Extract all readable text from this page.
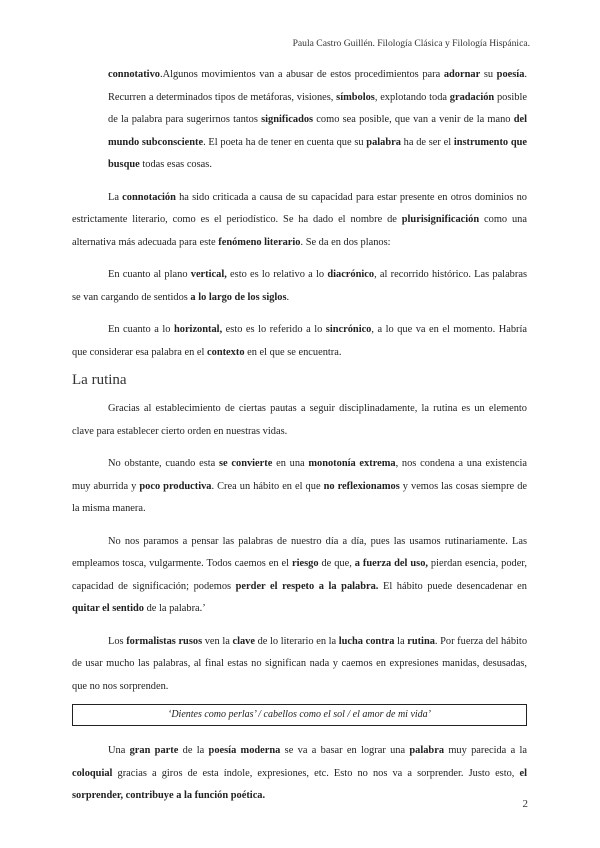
Paula Castro Guillén. Filología Clásica y Filología Hispánica.

connotativo.Algunos movimientos van a abusar de estos procedimientos para adornar su poesía. Recurren a determinados tipos de metáforas, visiones, símbolos, explotando toda gradación posible de la palabra para sugerirnos tantos significados como sea posible, que van a venir de la mano del mundo subconsciente. El poeta ha de tener en cuenta que su palabra ha de ser el instrumento que busque todas esas cosas.

La connotación ha sido criticada a causa de su capacidad para estar presente en otros dominios no estrictamente literario, como es el periodístico. Se ha dado el nombre de plurisignificación como una alternativa más adecuada para este fenómeno literario. Se da en dos planos:

En cuanto al plano vertical, esto es lo relativo a lo diacrónico, al recorrido histórico. Las palabras se van cargando de sentidos a lo largo de los siglos.

En cuanto a lo horizontal, esto es lo referido a lo sincrónico, a lo que va en el momento. Habría que considerar esa palabra en el contexto en el que se encuentra.

La rutina

Gracias al establecimiento de ciertas pautas a seguir disciplinadamente, la rutina es un elemento clave para establecer cierto orden en nuestras vidas.

No obstante, cuando esta se convierte en una monotonía extrema, nos condena a una existencia muy aburrida y poco productiva. Crea un hábito en el que no reflexionamos y vemos las cosas siempre de la misma manera.

No nos paramos a pensar las palabras de nuestro día a día, pues las usamos rutinariamente. Las empleamos tosca, vulgarmente. Todos caemos en el riesgo de que, a fuerza del uso, pierdan esencia, poder, capacidad de significación; podemos perder el respeto a la palabra. El hábito puede desencadenar en quitar el sentido de la palabra.’

Los formalistas rusos ven la clave de lo literario en la lucha contra la rutina. Por fuerza del hábito de usar mucho las palabras, al final estas no significan nada y caemos en expresiones manidas, desusadas, que no nos sorprenden.

‘Dientes como perlas’ / cabellos como el sol / el amor de mi vida’

Una gran parte de la poesía moderna se va a basar en lograr una palabra muy parecida a la coloquial gracias a giros de esta índole, expresiones, etc. Esto no nos va a sorprender. Justo esto, el sorprender, contribuye a la función poética.

2
